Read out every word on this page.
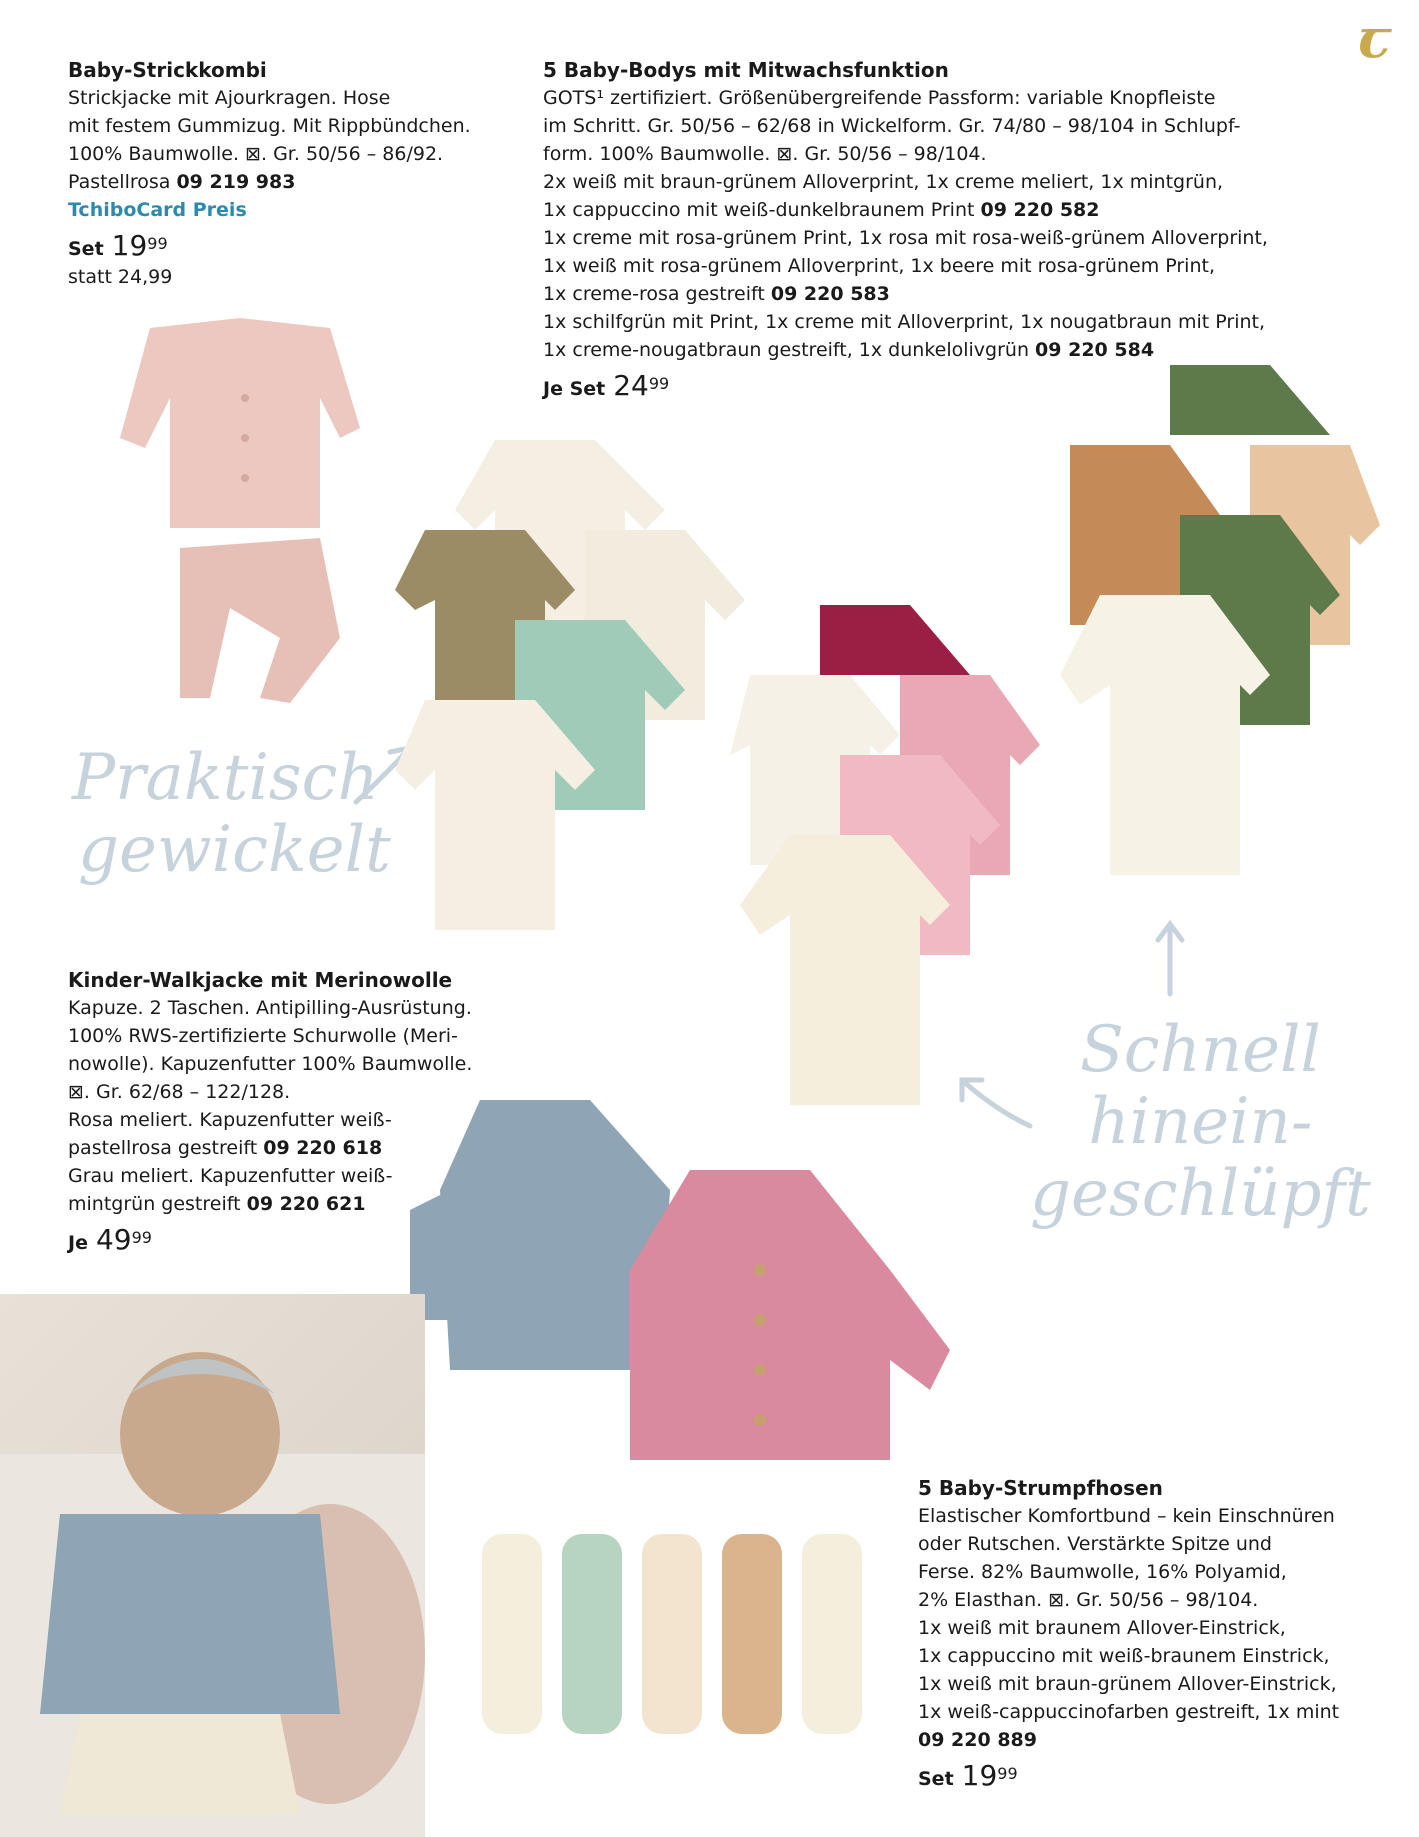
ꞇ
Baby-Strickkombi
Strickjacke mit Ajourkragen. Hose
mit festem Gummizug. Mit Rippbündchen.
100% Baumwolle. ⊠. Gr. 50/56 – 86/92.
Pastellrosa 09 219 983
TchiboCard Preis
Set $19^{99}$
statt 24,99
5 Baby-Bodys mit Mitwachsfunktion
GOTS¹ zertifiziert. Größenübergreifende Passform: variable Knopfleiste
im Schritt. Gr. 50/56 – 62/68 in Wickelform. Gr. 74/80 – 98/104 in Schlupf-
form. 100% Baumwolle. ⊠. Gr. 50/56 – 98/104.
2x weiß mit braun-grünem Alloverprint, 1x creme meliert, 1x mintgrün,
1x cappuccino mit weiß-dunkelbraunem Print 09 220 582
1x creme mit rosa-grünem Print, 1x rosa mit rosa-weiß-grünem Alloverprint,
1x weiß mit rosa-grünem Alloverprint, 1x beere mit rosa-grünem Print,
1x creme-rosa gestreift 09 220 583
1x schilfgrün mit Print, 1x creme mit Alloverprint, 1x nougatbraun mit Print,
1x creme-nougatbraun gestreift, 1x dunkelolivgrün 09 220 584
Je Set $24^{99}$
Kinder-Walkjacke mit Merinowolle
Kapuze. 2 Taschen. Antipilling-Ausrüstung.
100% RWS-zertifizierte Schurwolle (Meri-
nowolle). Kapuzenfutter 100% Baumwolle.
⊠. Gr. 62/68 – 122/128.
Rosa meliert. Kapuzenfutter weiß-
pastellrosa gestreift 09 220 618
Grau meliert. Kapuzenfutter weiß-
mintgrün gestreift 09 220 621
Je $49^{99}$
5 Baby-Strumpfhosen
Elastischer Komfortbund – kein Einschnüren
oder Rutschen. Verstärkte Spitze und
Ferse. 82% Baumwolle, 16% Polyamid,
2% Elasthan. ⊠. Gr. 50/56 – 98/104.
1x weiß mit braunem Allover-Einstrick,
1x cappuccino mit weiß-braunem Einstrick,
1x weiß mit braun-grünem Allover-Einstrick,
1x weiß-cappuccinofarben gestreift, 1x mint
09 220 889
Set $19^{99}$
Praktisch
gewickelt
Schnell
hinein-
geschlüpft
